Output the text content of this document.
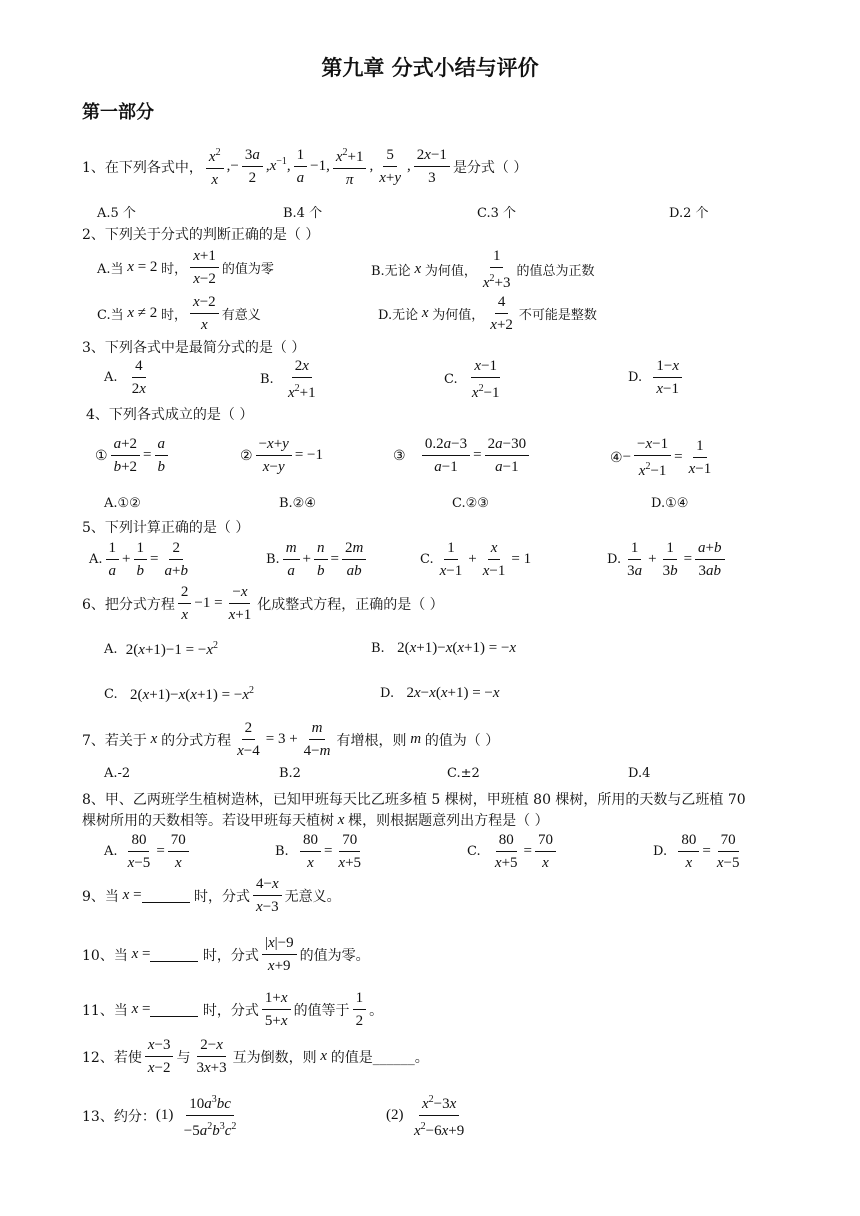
第九章 分式小结与评价
第一部分
1、在下列各式中， $\frac{x^2}{x}$ ,− $\frac{3a}{2} ,x^{-1}$, $\frac{1}{a} -1$, $\frac{x^2+1}{\pi}$ , $\frac{5}{x+y}$ , $\frac{2x-1}{3}$ 是分式（ ）
A.5 个	B.4 个	C.3 个	D.2 个
2、下列关于分式的判断正确的是（ ）
A.当 x = 2 时， $\frac{x+1}{x-2}$ 的值为零	B.无论 x 为何值， $\frac{1}{x^2+3}$ 的值总为正数
C.当 x ≠ 2 时， $\frac{x-2}{x}$ 有意义	D.无论 x 为何值， $\frac{4}{x+2}$ 不可能是整数
3、下列各式中是最简分式的是（ ）
A.
$\frac{4}{2x}$	B.
$\frac{2x}{x^2+1}$	C.
$\frac{x-1}{x^2-1}$	D.
$\frac{1-x}{x-1}$
4、下列各式成立的是（ ）
① $\frac{a+2}{b+2} = \frac{a}{b}$	② $\frac{-x+y}{x-y} = -1$	③
$\frac{0.2a-3}{a-1} = \frac{2a-30}{a-1}$	④ − $\frac{-x-1}{x^2-1} = \frac{1}{x-1}$
A.①②	B.②④	C.②③	D.①④
5、下列计算正确的是（ ）
A. $\frac{1}{a} + \frac{1}{b} = \frac{2}{a+b}$	B. $\frac{m}{a} + \frac{n}{b} = \frac{2m}{ab}$	C. $\frac{1}{x-1} + \frac{x}{x-1} = 1$	D. $\frac{1}{3a} + \frac{1}{3b} = \frac{a+b}{3ab}$
6、把分式方程 $\frac{2}{x} -1 = \frac{-x}{x+1}$ 化成整式方程，正确的是（ ）
A.
$2(x+1)-1 = -x^2$	B.
2(x+1)−x(x+1) = −x
C.
$2(x+1)-x(x+1) = -x^2$	D.
2x−x(x+1) = −x
7、若关于 x 的分式方程 $\frac{2}{x-4} = 3 + \frac{m}{4-m}$ 有增根，则 m 的值为（ ）
A.-2	B.2	C.±2	D.4
8、甲、乙两班学生植树造林，已知甲班每天比乙班多植 5 棵树，甲班植 80 棵树，所用的天数与乙班植 70
棵树所用的天数相等。若设甲班每天植树 x 棵，则根据题意列出方程是（ ）
A.
$\frac{80}{x-5} = \frac{70}{x}$	B.
$\frac{80}{x} = \frac{70}{x+5}$	C.
$\frac{80}{x+5} = \frac{70}{x}$	D.
$\frac{80}{x} = \frac{70}{x-5}$
9、当 x =
	时，分式 $\frac{4-x}{x-3}$ 无意义。
10、当 x =
	时，分式 $\frac{|x|-9}{x+9}$ 的值为零。
11、当 x =
	时，分式 $\frac{1+x}{5+x}$ 的值等于 $\frac{1}{2}$ 。
12、若使 $\frac{x-3}{x-2}$ 与 $\frac{2-x}{3x+3}$ 互为倒数，则 x 的值是______。
13、约分： (1)
$\frac{10a^3bc}{-5a^2b^3c^2}$	(2)
$\frac{x^2-3x}{x^2-6x+9}$
